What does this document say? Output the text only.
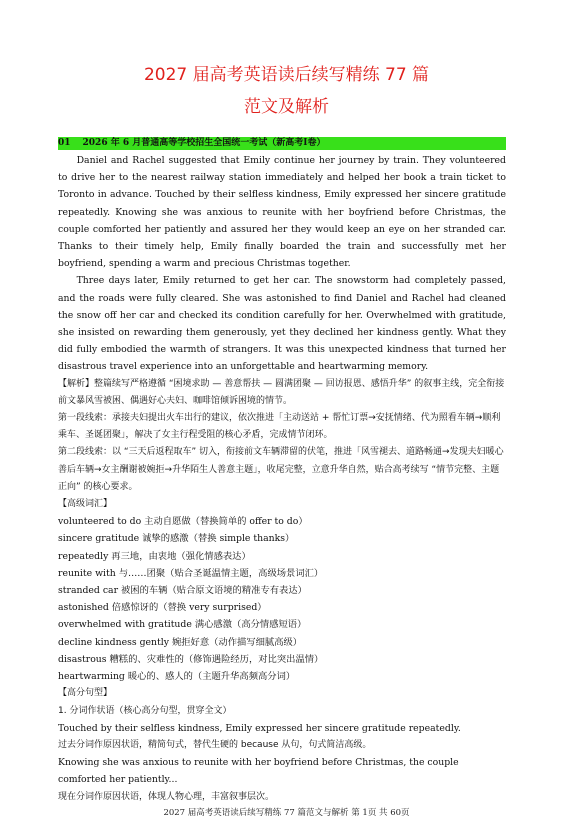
2027 届高考英语读后续写精练 77 篇
范文及解析
01 2026 年 6 月普通高等学校招生全国统一考试（新高考Ⅰ卷）

Daniel and Rachel suggested that Emily continue her journey by train. They volunteered to drive her to the nearest railway station immediately and helped her book a train ticket to Toronto in advance. Touched by their selfless kindness, Emily expressed her sincere gratitude repeatedly. Knowing she was anxious to reunite with her boyfriend before Christmas, the couple comforted her patiently and assured her they would keep an eye on her stranded car. Thanks to their timely help, Emily finally boarded the train and successfully met her boyfriend, spending a warm and precious Christmas together.

Three days later, Emily returned to get her car. The snowstorm had completely passed, and the roads were fully cleared. She was astonished to find Daniel and Rachel had cleaned the snow off her car and checked its condition carefully for her. Overwhelmed with gratitude, she insisted on rewarding them generously, yet they declined her kindness gently. What they did fully embodied the warmth of strangers. It was this unexpected kindness that turned her disastrous travel experience into an unforgettable and heartwarming memory.

【解析】整篇续写严格遵循 “困境求助 — 善意帮扶 — 圆满团聚 — 回访报恩、感悟升华” 的叙事主线，完全衔接前文暴风雪被困、偶遇好心夫妇、咖啡馆倾诉困境的情节。

第一段线索：承接夫妇提出火车出行的建议，依次推进「主动送站 + 帮忙订票→安抚情绪、代为照看车辆→顺利乘车、圣诞团聚」，解决了女主行程受阻的核心矛盾，完成情节闭环。

第二段线索：以 “三天后返程取车” 切入，衔接前文车辆滞留的伏笔，推进「风雪褪去、道路畅通→发现夫妇暖心善后车辆→女主酬谢被婉拒→升华陌生人善意主题」，收尾完整，立意升华自然，贴合高考续写 “情节完整、主题正向” 的核心要求。

【高级词汇】

volunteered to do 主动自愿做（替换简单的 offer to do）

sincere gratitude 诚挚的感激（替换 simple thanks）

repeatedly 再三地，由衷地（强化情感表达）

reunite with 与……团聚（贴合圣诞温情主题，高级场景词汇）

stranded car 被困的车辆（贴合原文语境的精准专有表达）

astonished 倍感惊讶的（替换 very surprised）

overwhelmed with gratitude 满心感激（高分情感短语）

decline kindness gently 婉拒好意（动作描写细腻高级）

disastrous 糟糕的、灾难性的（修饰遇险经历，对比突出温情）

heartwarming 暖心的、感人的（主题升华高频高分词）

【高分句型】

1. 分词作状语（核心高分句型，贯穿全文）

Touched by their selfless kindness, Emily expressed her sincere gratitude repeatedly.

过去分词作原因状语，精简句式，替代生硬的 because 从句，句式简洁高级。

Knowing she was anxious to reunite with her boyfriend before Christmas, the couple comforted her patiently...

现在分词作原因状语，体现人物心理，丰富叙事层次。

2027 届高考英语读后续写精练 77 篇范文与解析 第 1页 共 60页
